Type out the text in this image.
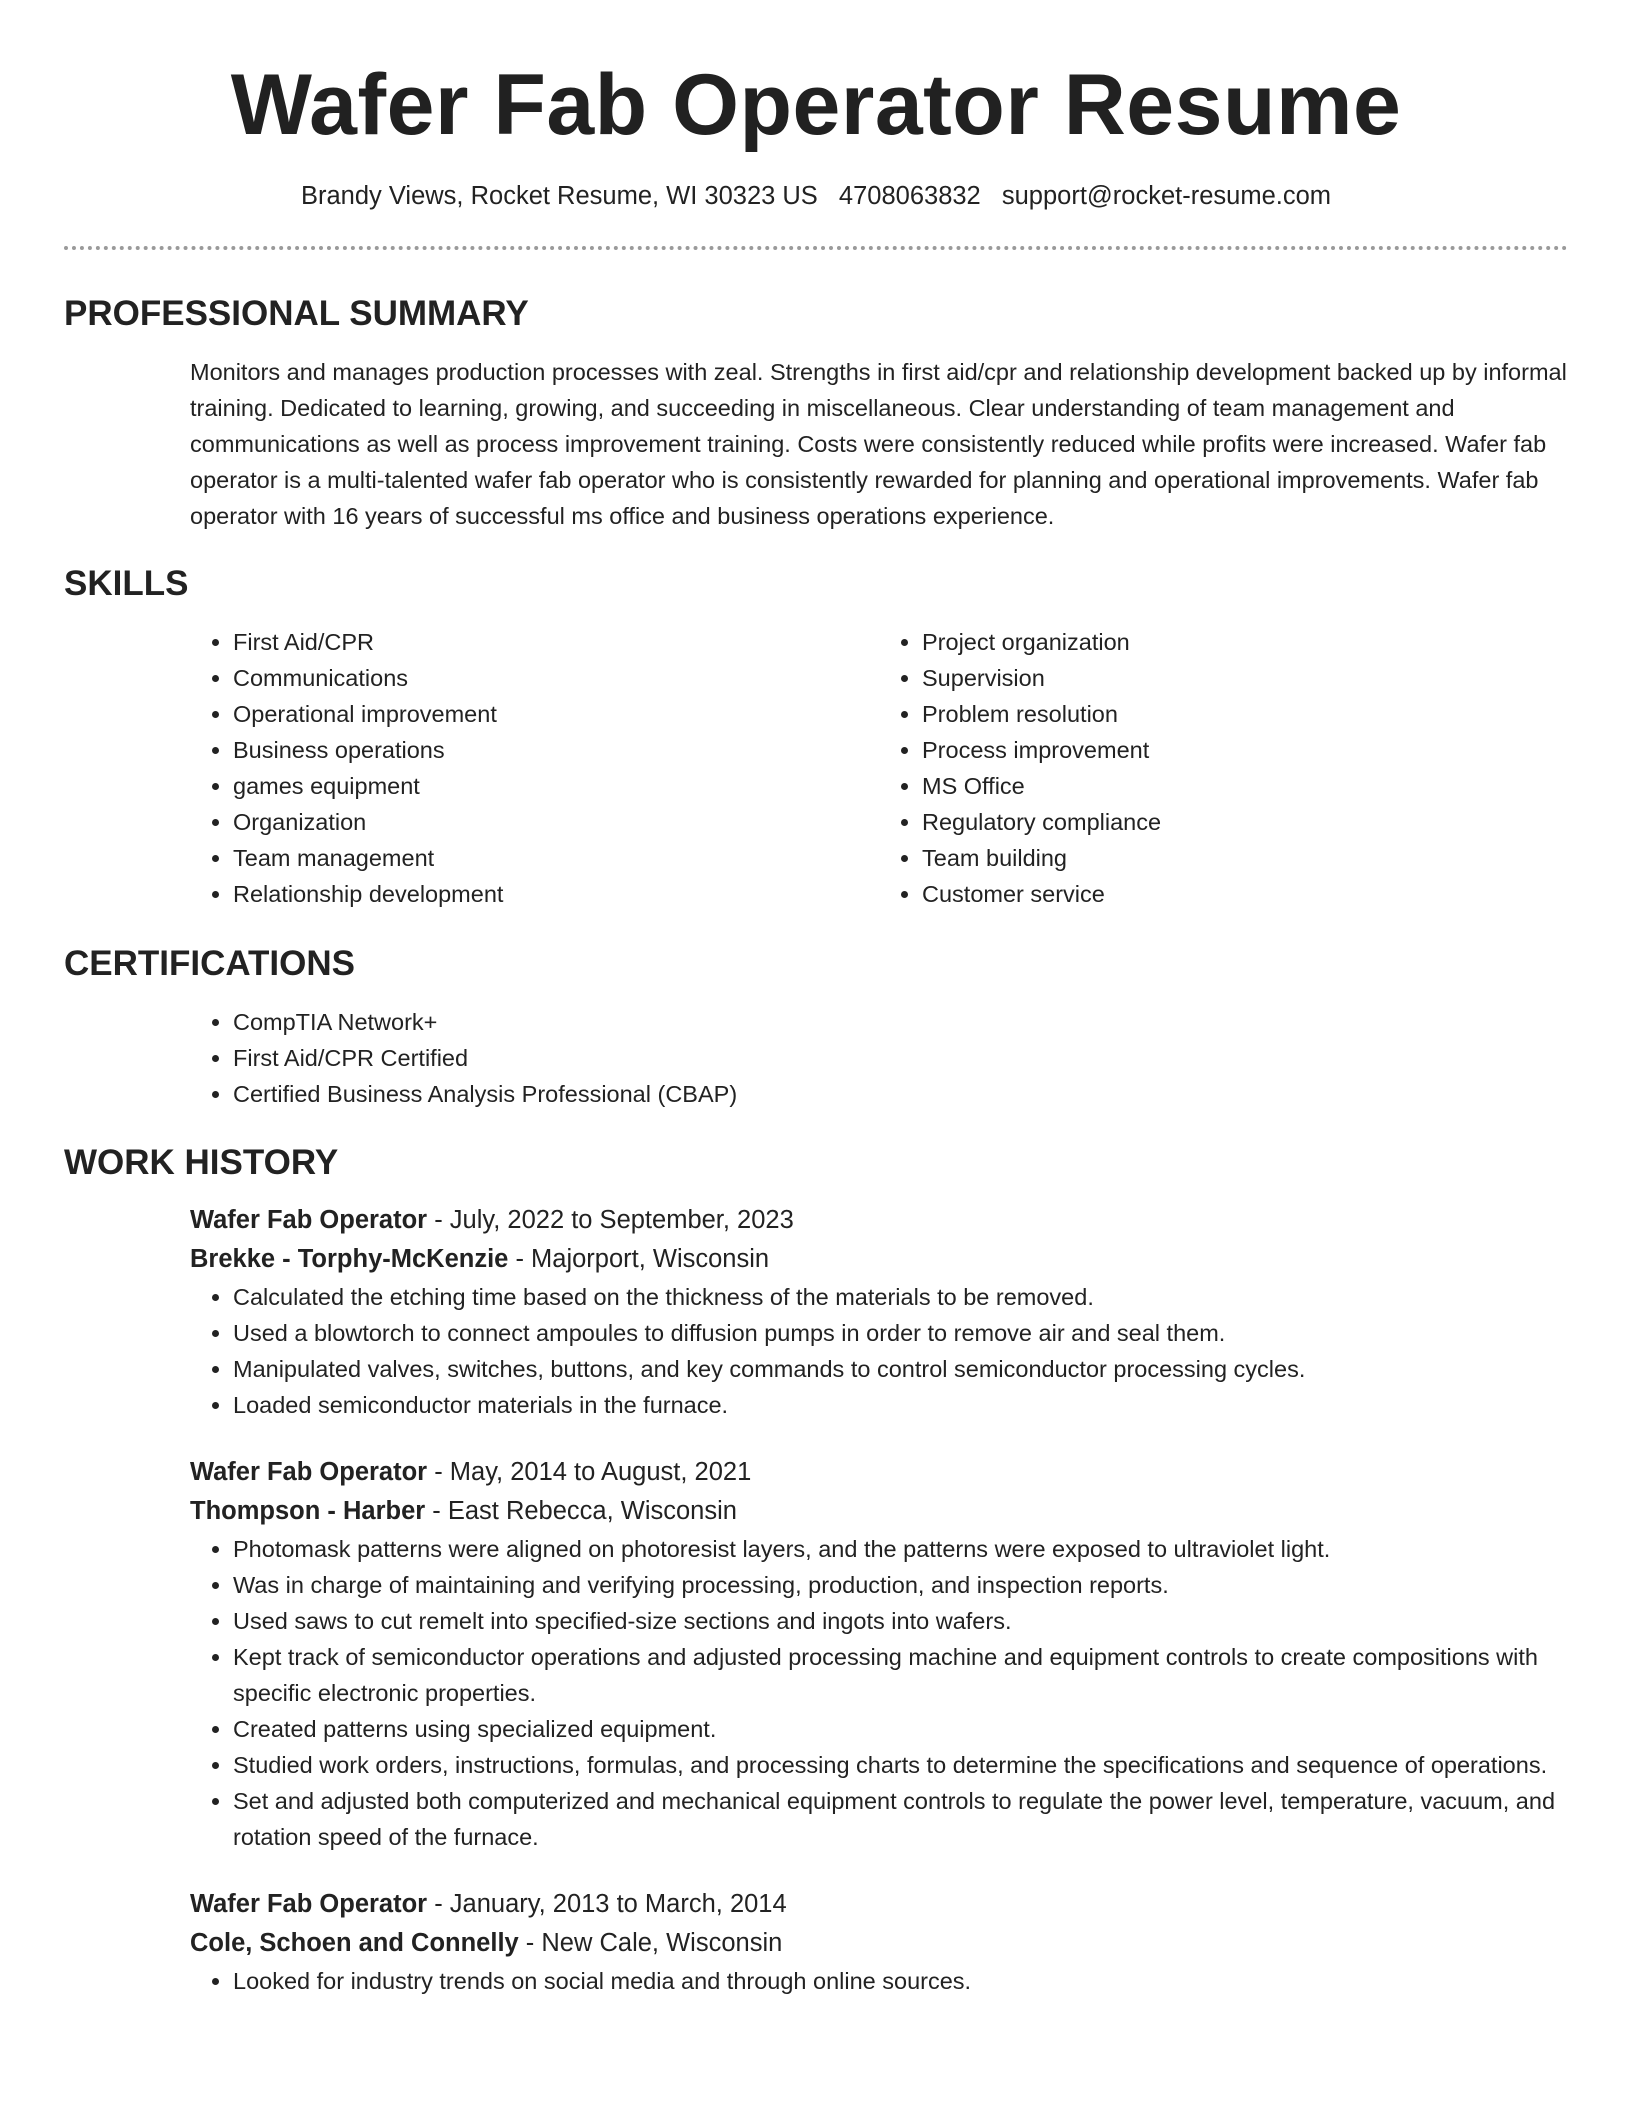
Wafer Fab Operator Resume
Brandy Views, Rocket Resume, WI 30323 US 4708063832 support@rocket-resume.com
PROFESSIONAL SUMMARY

Monitors and manages production processes with zeal. Strengths in first aid/cpr and relationship development backed up by informal training. Dedicated to learning, growing, and succeeding in miscellaneous. Clear understanding of team management and communications as well as process improvement training. Costs were consistently reduced while profits were increased. Wafer fab operator is a multi-talented wafer fab operator who is consistently rewarded for planning and operational improvements. Wafer fab operator with 16 years of successful ms office and business operations experience.

SKILLS
• First Aid/CPR
• Communications
• Operational improvement
• Business operations
• games equipment
• Organization
• Team management
• Relationship development
• Project organization
• Supervision
• Problem resolution
• Process improvement
• MS Office
• Regulatory compliance
• Team building
• Customer service
CERTIFICATIONS
• CompTIA Network+
• First Aid/CPR Certified
• Certified Business Analysis Professional (CBAP)
WORK HISTORY
Wafer Fab Operator - July, 2022 to September, 2023
Brekke - Torphy-McKenzie - Majorport, Wisconsin
• Calculated the etching time based on the thickness of the materials to be removed.
• Used a blowtorch to connect ampoules to diffusion pumps in order to remove air and seal them.
• Manipulated valves, switches, buttons, and key commands to control semiconductor processing cycles.
• Loaded semiconductor materials in the furnace.
Wafer Fab Operator - May, 2014 to August, 2021
Thompson - Harber - East Rebecca, Wisconsin
• Photomask patterns were aligned on photoresist layers, and the patterns were exposed to ultraviolet light.
• Was in charge of maintaining and verifying processing, production, and inspection reports.
• Used saws to cut remelt into specified-size sections and ingots into wafers.
• Kept track of semiconductor operations and adjusted processing machine and equipment controls to create compositions with specific electronic properties.
• Created patterns using specialized equipment.
• Studied work orders, instructions, formulas, and processing charts to determine the specifications and sequence of operations.
• Set and adjusted both computerized and mechanical equipment controls to regulate the power level, temperature, vacuum, and rotation speed of the furnace.
Wafer Fab Operator - January, 2013 to March, 2014
Cole, Schoen and Connelly - New Cale, Wisconsin
• Looked for industry trends on social media and through online sources.
